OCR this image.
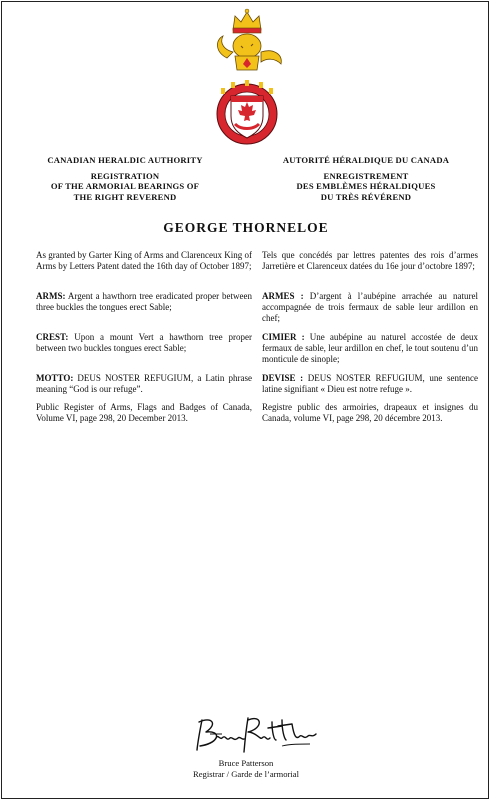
CANADIAN HERALDIC AUTHORITY
REGISTRATION
OF THE ARMORIAL BEARINGS OF
THE RIGHT REVEREND
AUTORITÉ HÉRALDIQUE DU CANADA
ENREGISTREMENT
DES EMBLÈMES HÉRALDIQUES
DU TRÈS RÉVÉREND
GEORGE THORNELOE
As granted by Garter King of Arms and Clarenceux King of Arms by Letters Patent dated the 16th day of October 1897;
ARMS: Argent a hawthorn tree eradicated proper between three buckles the tongues erect Sable;
CREST: Upon a mount Vert a hawthorn tree proper between two buckles tongues erect Sable;
MOTTO: DEUS NOSTER REFUGIUM, a Latin phrase meaning “God is our refuge”.
Public Register of Arms, Flags and Badges of Canada, Volume VI, page 298, 20 December 2013.
Tels que concédés par lettres patentes des rois d’armes Jarretière et Clarenceux datées du 16e jour d’octobre 1897;
ARMES : D’argent à l’aubépine arrachée au naturel accompagnée de trois fermaux de sable leur ardillon en chef;
CIMIER : Une aubépine au naturel accostée de deux fermaux de sable, leur ardillon en chef, le tout soutenu d’un monticule de sinople;
DEVISE : DEUS NOSTER REFUGIUM, une sentence latine signifiant « Dieu est notre refuge ».
Registre public des armoiries, drapeaux et insignes du Canada, volume VI, page 298, 20 décembre 2013.
Bruce Patterson
Registrar / Garde de l’armorial
